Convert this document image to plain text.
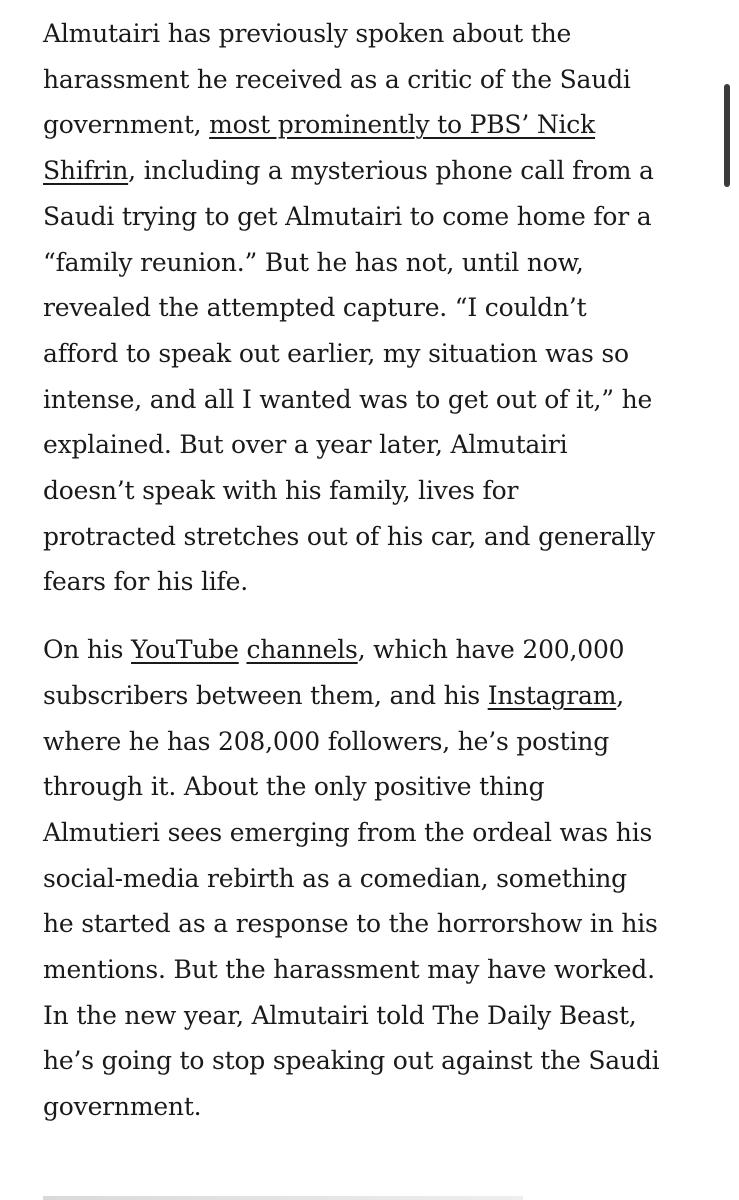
Almutairi has previously spoken about the
harassment he received as a critic of the Saudi
government, most prominently to PBS’ Nick
Shifrin, including a mysterious phone call from a
Saudi trying to get Almutairi to come home for a
“family reunion.” But he has not, until now,
revealed the attempted capture. “I couldn’t
afford to speak out earlier, my situation was so
intense, and all I wanted was to get out of it,” he
explained. But over a year later, Almutairi
doesn’t speak with his family, lives for
protracted stretches out of his car, and generally
fears for his life.

On his YouTube channels, which have 200,000
subscribers between them, and his Instagram,
where he has 208,000 followers, he’s posting
through it. About the only positive thing
Almutieri sees emerging from the ordeal was his
social-media rebirth as a comedian, something
he started as a response to the horrorshow in his
mentions. But the harassment may have worked.
In the new year, Almutairi told The Daily Beast,
he’s going to stop speaking out against the Saudi
government.
